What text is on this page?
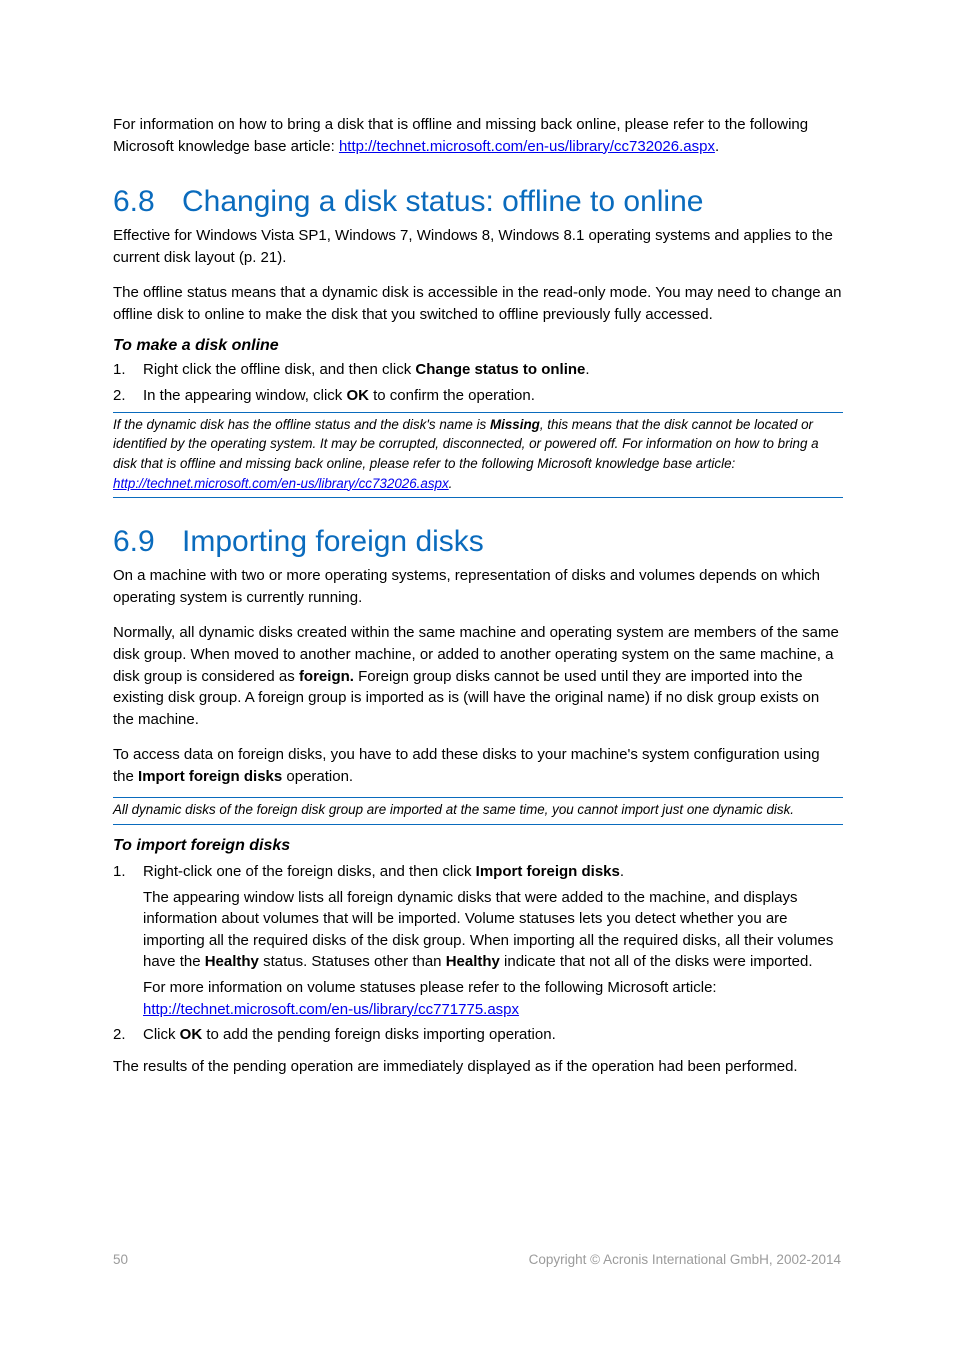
For information on how to bring a disk that is offline and missing back online, please refer to the following Microsoft knowledge base article: http://technet.microsoft.com/en-us/library/cc732026.aspx.

6.8 Changing a disk status: offline to online

Effective for Windows Vista SP1, Windows 7, Windows 8, Windows 8.1 operating systems and applies to the current disk layout (p. 21).

The offline status means that a dynamic disk is accessible in the read-only mode. You may need to change an offline disk to online to make the disk that you switched to offline previously fully accessed.

To make a disk online
1. Right click the offline disk, and then click Change status to online.
2. In the appearing window, click OK to confirm the operation.
If the dynamic disk has the offline status and the disk's name is Missing, this means that the disk cannot be located or identified by the operating system. It may be corrupted, disconnected, or powered off. For information on how to bring a disk that is offline and missing back online, please refer to the following Microsoft knowledge base article: http://technet.microsoft.com/en-us/library/cc732026.aspx.
6.9 Importing foreign disks

On a machine with two or more operating systems, representation of disks and volumes depends on which operating system is currently running.

Normally, all dynamic disks created within the same machine and operating system are members of the same disk group. When moved to another machine, or added to another operating system on the same machine, a disk group is considered as foreign. Foreign group disks cannot be used until they are imported into the existing disk group. A foreign group is imported as is (will have the original name) if no disk group exists on the machine.

To access data on foreign disks, you have to add these disks to your machine's system configuration using the Import foreign disks operation.

All dynamic disks of the foreign disk group are imported at the same time, you cannot import just one dynamic disk.
To import foreign disks
1. Right-click one of the foreign disks, and then click Import foreign disks.
The appearing window lists all foreign dynamic disks that were added to the machine, and displays information about volumes that will be imported. Volume statuses lets you detect whether you are importing all the required disks of the disk group. When importing all the required disks, all their volumes have the Healthy status. Statuses other than Healthy indicate that not all of the disks were imported.
For more information on volume statuses please refer to the following Microsoft article: http://technet.microsoft.com/en-us/library/cc771775.aspx
2. Click OK to add the pending foreign disks importing operation.

The results of the pending operation are immediately displayed as if the operation had been performed.

50	Copyright © Acronis International GmbH, 2002-2014
